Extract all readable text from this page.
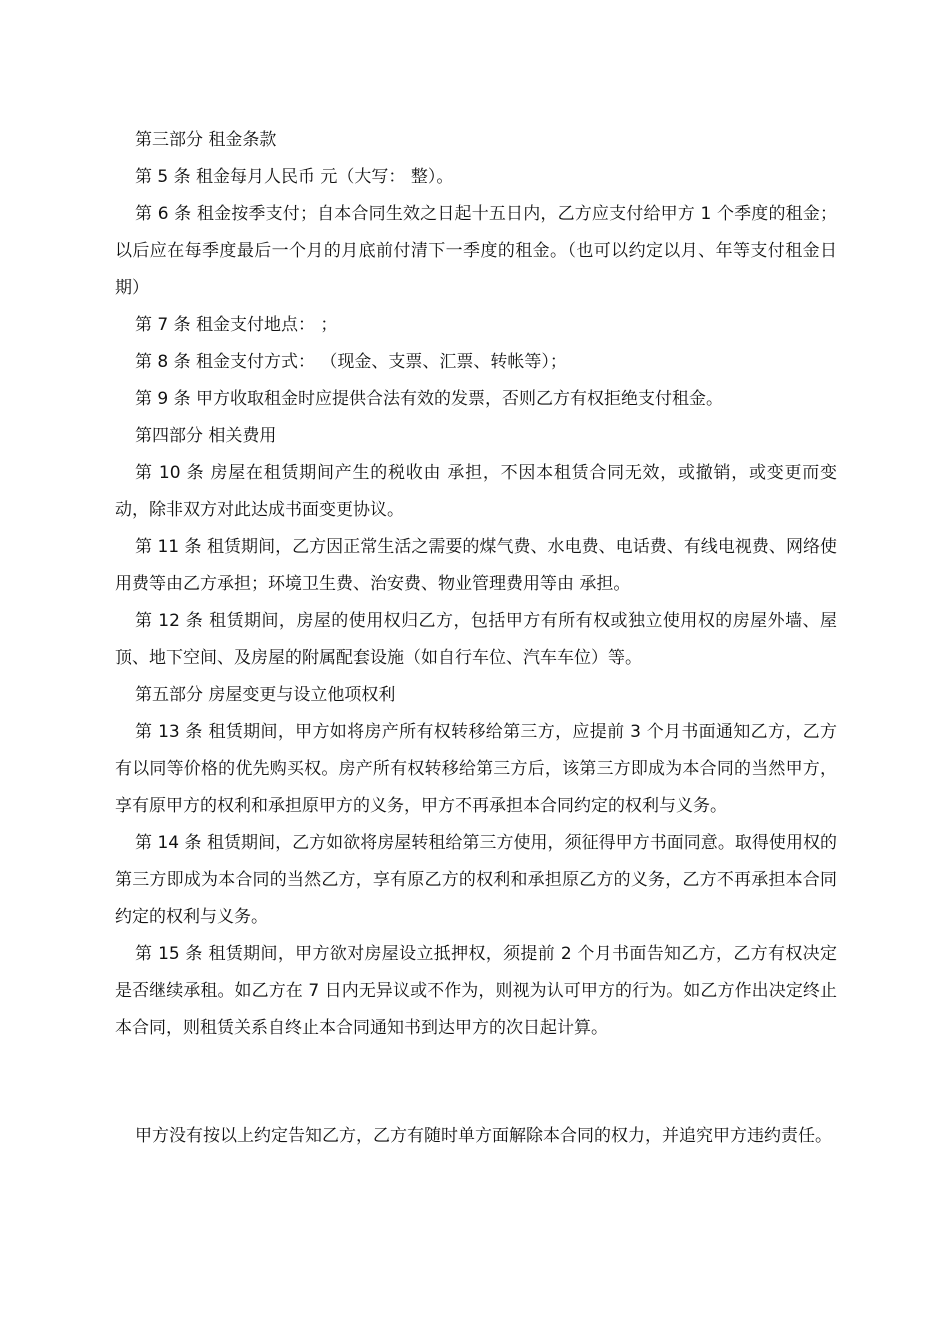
第三部分 租金条款

第 5 条 租金每月人民币 元（大写： 整）。

第 6 条 租金按季支付；自本合同生效之日起十五日内，乙方应支付给甲方 1 个季度的租金；以后应在每季度最后一个月的月底前付清下一季度的租金。（也可以约定以月、年等支付租金日期）

第 7 条 租金支付地点： ；

第 8 条 租金支付方式： （现金、支票、汇票、转帐等）；

第 9 条 甲方收取租金时应提供合法有效的发票，否则乙方有权拒绝支付租金。

第四部分 相关费用

第 10 条 房屋在租赁期间产生的税收由 承担，不因本租赁合同无效，或撤销，或变更而变动，除非双方对此达成书面变更协议。

第 11 条 租赁期间，乙方因正常生活之需要的煤气费、水电费、电话费、有线电视费、网络使用费等由乙方承担；环境卫生费、治安费、物业管理费用等由 承担。

第 12 条 租赁期间，房屋的使用权归乙方，包括甲方有所有权或独立使用权的房屋外墙、屋顶、地下空间、及房屋的附属配套设施（如自行车位、汽车车位）等。

第五部分 房屋变更与设立他项权利

第 13 条 租赁期间，甲方如将房产所有权转移给第三方，应提前 3 个月书面通知乙方，乙方有以同等价格的优先购买权。房产所有权转移给第三方后，该第三方即成为本合同的当然甲方，享有原甲方的权利和承担原甲方的义务，甲方不再承担本合同约定的权利与义务。

第 14 条 租赁期间，乙方如欲将房屋转租给第三方使用，须征得甲方书面同意。取得使用权的第三方即成为本合同的当然乙方，享有原乙方的权利和承担原乙方的义务，乙方不再承担本合同约定的权利与义务。

第 15 条 租赁期间，甲方欲对房屋设立抵押权，须提前 2 个月书面告知乙方，乙方有权决定是否继续承租。如乙方在 7 日内无异议或不作为，则视为认可甲方的行为。如乙方作出决定终止本合同，则租赁关系自终止本合同通知书到达甲方的次日起计算。

甲方没有按以上约定告知乙方，乙方有随时单方面解除本合同的权力，并追究甲方违约责任。
